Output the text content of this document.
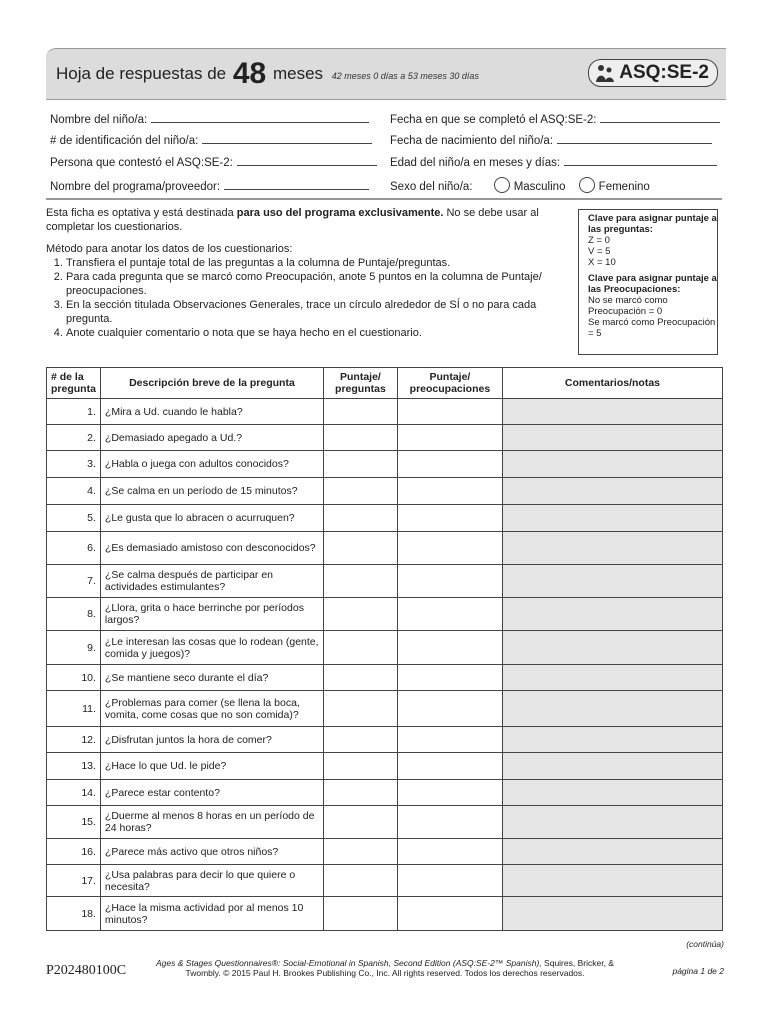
Hoja de respuestas de 48 meses 42 meses 0 días a 53 meses 30 días	ASQ:SE-2
Nombre del niño/a:
# de identificación del niño/a:
Persona que contestó el ASQ:SE-2:
Nombre del programa/proveedor:
Fecha en que se completó el ASQ:SE-2:
Fecha de nacimiento del niño/a:
Edad del niño/a en meses y días:
Sexo del niño/a:	Masculino	Femenino
Esta ficha es optativa y está destinada para uso del programa exclusivamente. No se debe usar al completar los cuestionarios.
Método para anotar los datos de los cuestionarios:
1. Transfiera el puntaje total de las preguntas a la columna de Puntaje/preguntas.
2. Para cada pregunta que se marcó como Preocupación, anote 5 puntos en la columna de Puntaje/ preocupaciones.
3. En la sección titulada Observaciones Generales, trace un círculo alrededor de SÍ o no para cada pregunta.
4. Anote cualquier comentario o nota que se haya hecho en el cuestionario.
Clave para asignar puntaje a las preguntas:
Z = 0
V = 5
X = 10
Clave para asignar puntaje a las Preocupaciones:
No se marcó como Preocupación = 0
Se marcó como Preocupación = 5
# de la pregunta	Descripción breve de la pregunta	Puntaje/ preguntas	Puntaje/ preocupaciones	Comentarios/notas
1.	¿Mira a Ud. cuando le habla?			
2.	¿Demasiado apegado a Ud.?			
3.	¿Habla o juega con adultos conocidos?			
4.	¿Se calma en un período de 15 minutos?			
5.	¿Le gusta que lo abracen o acurruquen?			
6.	¿Es demasiado amistoso con desconocidos?			
7.	¿Se calma después de participar en actividades estimulantes?			
8.	¿Llora, grita o hace berrinche por períodos largos?			
9.	¿Le interesan las cosas que lo rodean (gente, comida y juegos)?			
10.	¿Se mantiene seco durante el día?			
11.	¿Problemas para comer (se llena la boca, vomita, come cosas que no son comida)?			
12.	¿Disfrutan juntos la hora de comer?			
13.	¿Hace lo que Ud. le pide?			
14.	¿Parece estar contento?			
15.	¿Duerme al menos 8 horas en un período de 24 horas?			
16.	¿Parece más activo que otros niños?			
17.	¿Usa palabras para decir lo que quiere o necesita?			
18.	¿Hace la misma actividad por al menos 10 minutos?			
(continúa)
P202480100C	Ages & Stages Questionnaires®: Social-Emotional in Spanish, Second Edition (ASQ:SE-2™ Spanish), Squires, Bricker, & Twombly. © 2015 Paul H. Brookes Publishing Co., Inc. All rights reserved. Todos los derechos reservados.	página 1 de 2
